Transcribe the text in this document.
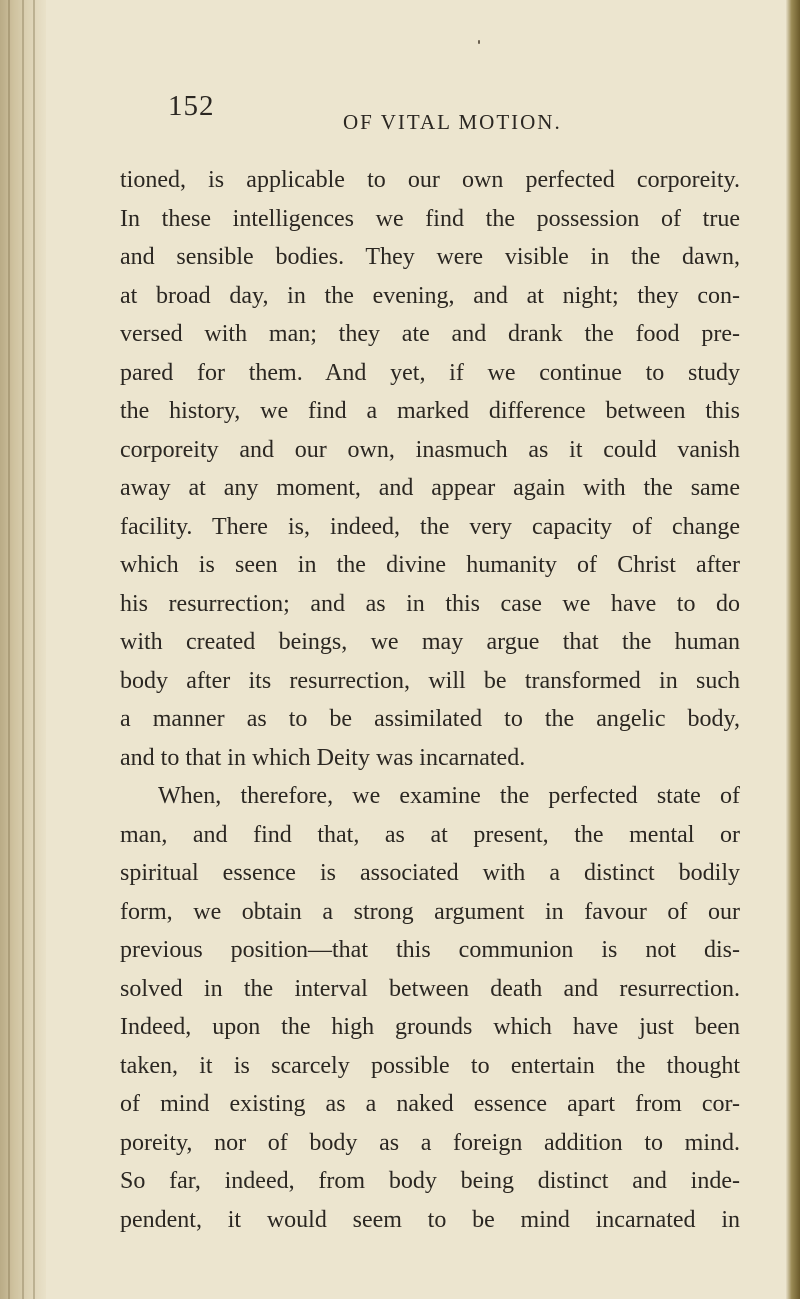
152	OF VITAL MOTION.
tioned, is applicable to our own perfected corporeity.
In these intelligences we find the possession of true
and sensible bodies. They were visible in the dawn,
at broad day, in the evening, and at night; they con-
versed with man; they ate and drank the food pre-
pared for them. And yet, if we continue to study
the history, we find a marked difference between this
corporeity and our own, inasmuch as it could vanish
away at any moment, and appear again with the same
facility. There is, indeed, the very capacity of change
which is seen in the divine humanity of Christ after
his resurrection; and as in this case we have to do
with created beings, we may argue that the human
body after its resurrection, will be transformed in such
a manner as to be assimilated to the angelic body,
and to that in which Deity was incarnated.
When, therefore, we examine the perfected state of
man, and find that, as at present, the mental or
spiritual essence is associated with a distinct bodily
form, we obtain a strong argument in favour of our
previous position—that this communion is not dis-
solved in the interval between death and resurrection.
Indeed, upon the high grounds which have just been
taken, it is scarcely possible to entertain the thought
of mind existing as a naked essence apart from cor-
poreity, nor of body as a foreign addition to mind.
So far, indeed, from body being distinct and inde-
pendent, it would seem to be mind incarnated in
